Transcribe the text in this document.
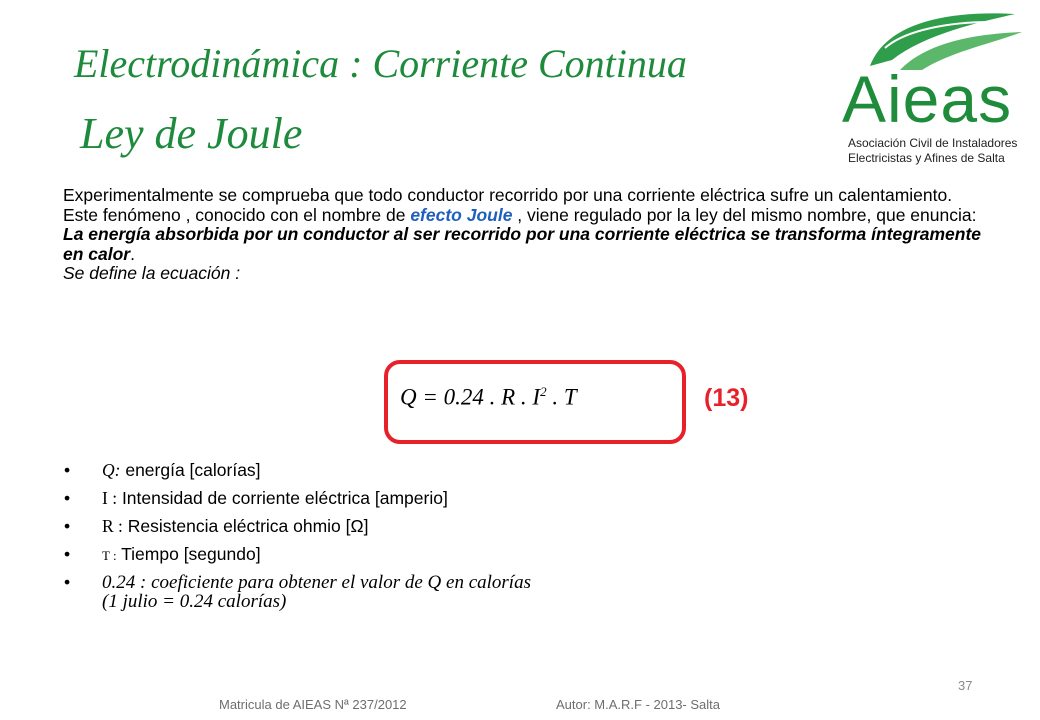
Electrodinámica : Corriente Continua
Ley de Joule	Aieas
Asociación Civil de Instaladores
Electricistas y Afines de Salta
Experimentalmente se comprueba que todo conductor recorrido por una corriente eléctrica sufre un calentamiento. Este fenómeno , conocido con el nombre de efecto Joule , viene regulado por la ley del mismo nombre, que enuncia:
La energía absorbida por un conductor al ser recorrido por una corriente eléctrica se transforma íntegramente en calor.
Se define la ecuación :
Q = 0.24 . R . $I^2$ . T	(13)
• Q: energía [calorías]
• I : Intensidad de corriente eléctrica [amperio]
• R : Resistencia eléctrica ohmio [Ω]
• T : Tiempo [segundo]
• 0.24 : coeficiente para obtener el valor de Q en calorías
(1 julio = 0.24 calorías)
37
Matricula de AIEAS Nª 237/2012	Autor: M.A.R.F - 2013- Salta
